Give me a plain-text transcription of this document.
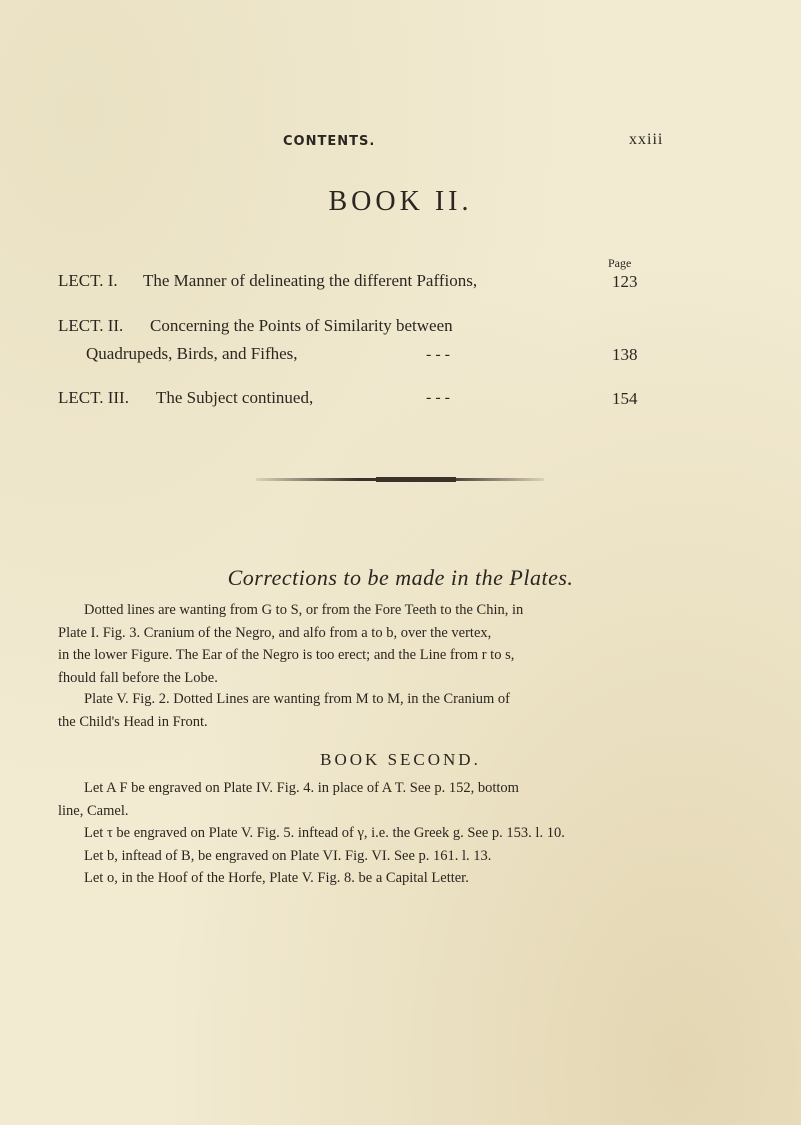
CONTENTS.	xxiii
BOOK II.
Page
LECT. I. The Manner of delineating the different Paffions,	123
LECT. II. Concerning the Points of Similarity between
Quadrupeds, Birds, and Fifhes,	- - -	138
LECT. III. The Subject continued,	- - -	154
Corrections to be made in the Plates.
Dotted lines are wanting from G to S, or from the Fore Teeth to the Chin, in
Plate I. Fig. 3. Cranium of the Negro, and alfo from a to b, over the vertex,
in the lower Figure. The Ear of the Negro is too erect; and the Line from r to s,
fhould fall before the Lobe.
Plate V. Fig. 2. Dotted Lines are wanting from M to M, in the Cranium of
the Child's Head in Front.
BOOK SECOND.
Let A F be engraved on Plate IV. Fig. 4. in place of A T. See p. 152, bottom
line, Camel.
Let τ be engraved on Plate V. Fig. 5. inftead of γ, i.e. the Greek g. See p. 153. l. 10.
Let b, inftead of B, be engraved on Plate VI. Fig. VI. See p. 161. l. 13.
Let o, in the Hoof of the Horfe, Plate V. Fig. 8. be a Capital Letter.
